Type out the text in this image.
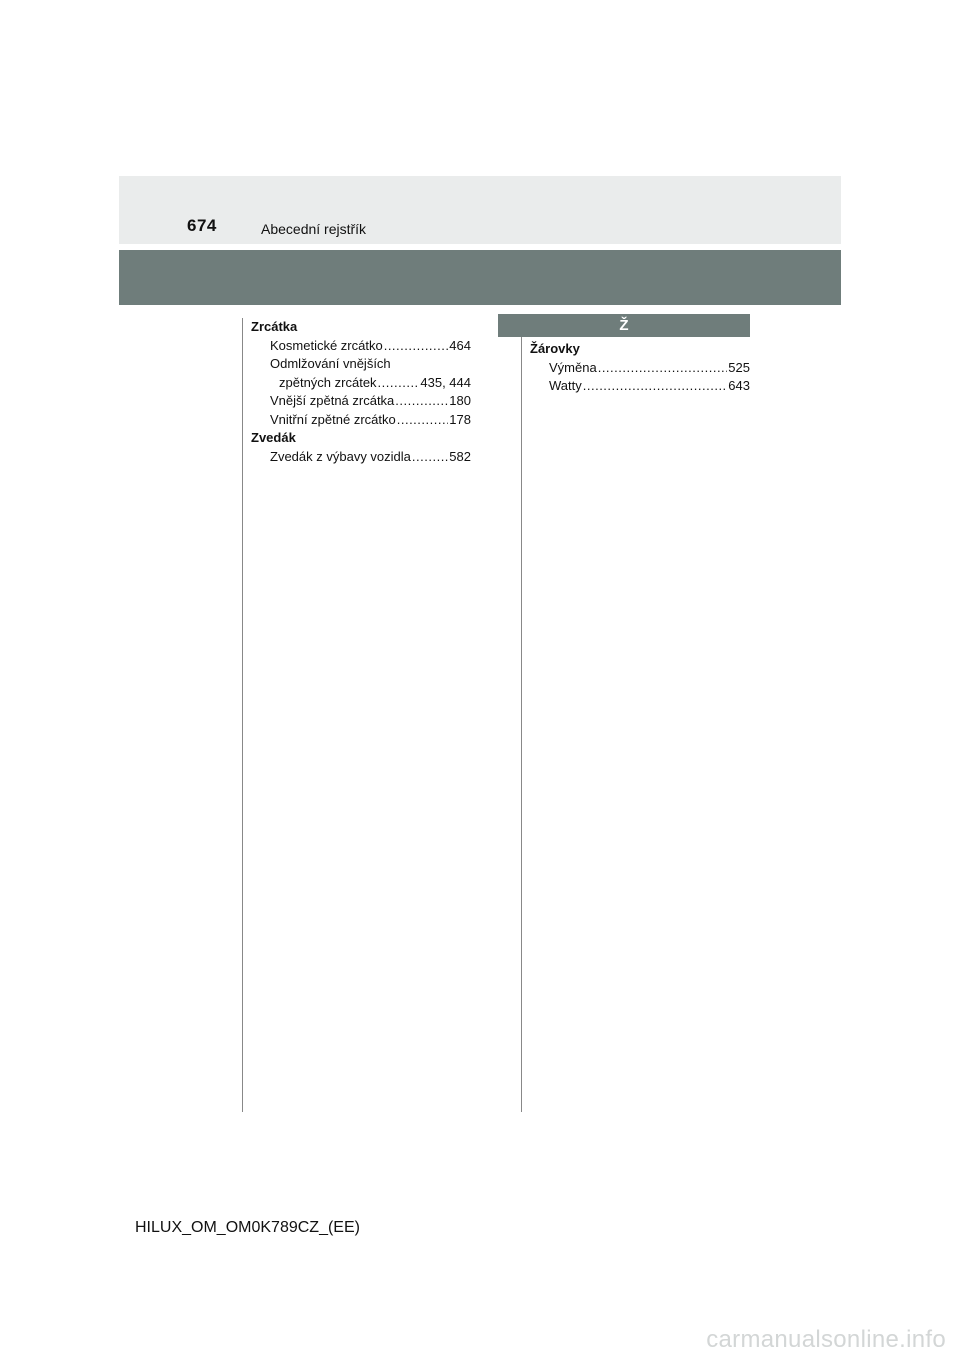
674	Abecední rejstřík
Zrcátka
Kosmetické zrcátko .....	464
Odmlžování vnějších
zpětných zrcátek .....	435, 444
Vnější zpětná zrcátka .....	180
Vnitřní zpětné zrcátko .....	178
Zvedák
Zvedák z výbavy vozidla .....	582
Ž
Žárovky
Výměna .....	525
Watty .....	643
HILUX_OM_OM0K789CZ_(EE)
carmanualsonline.info
